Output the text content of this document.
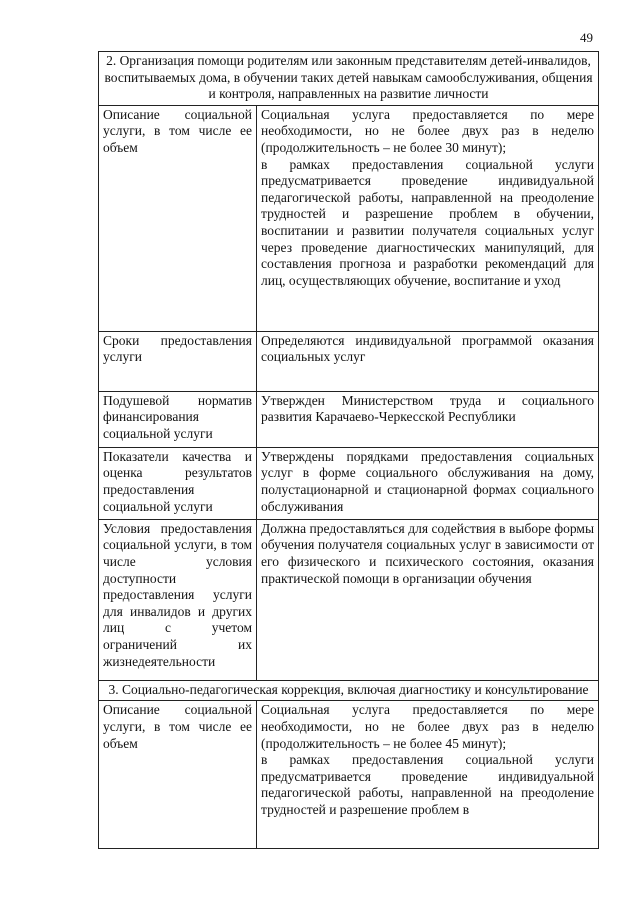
49
2. Организация помощи родителям или законным представителям детей-инвалидов, воспитываемых дома, в обучении таких детей навыкам самообслуживания, общения и контроля, направленных на развитие личности	
Описание социальной услуги, в том числе ее объем	Социальная услуга предоставляется по мере необходимости, но не более двух раз в неделю (продолжительность – не более 30 минут);
в рамках предоставления социальной услуги предусматривается проведение индивидуальной педагогической работы, направленной на преодоление трудностей и разрешение проблем в обучении, воспитании и развитии получателя социальных услуг через проведение диагностических манипуляций, для составления прогноза и разработки рекомендаций для лиц, осуществляющих обучение, воспитание и уход

Сроки предоставления услуги	Определяются индивидуальной программой оказания социальных услуг

Подушевой норматив финансирования социальной услуги	Утвержден Министерством труда и социального развития Карачаево-Черкесской Республики

Показатели качества и оценка результатов предоставления социальной услуги	Утверждены порядками предоставления социальных услуг в форме социального обслуживания на дому, полустационарной и стационарной формах социального обслуживания

Условия предоставления социальной услуги, в том числе условия доступности предоставления услуги для инвалидов и других лиц с учетом ограничений их жизнедеятельности	Должна предоставляться для содействия в выборе формы обучения получателя социальных услуг в зависимости от его физического и психического состояния, оказания практической помощи в организации обучения

3. Социально-педагогическая коррекция, включая диагностику и консультирование	
Описание социальной услуги, в том числе ее объем	Социальная услуга предоставляется по мере необходимости, но не более двух раз в неделю (продолжительность – не более 45 минут);
в рамках предоставления социальной услуги предусматривается проведение индивидуальной педагогической работы, направленной на преодоление трудностей и разрешение проблем в
